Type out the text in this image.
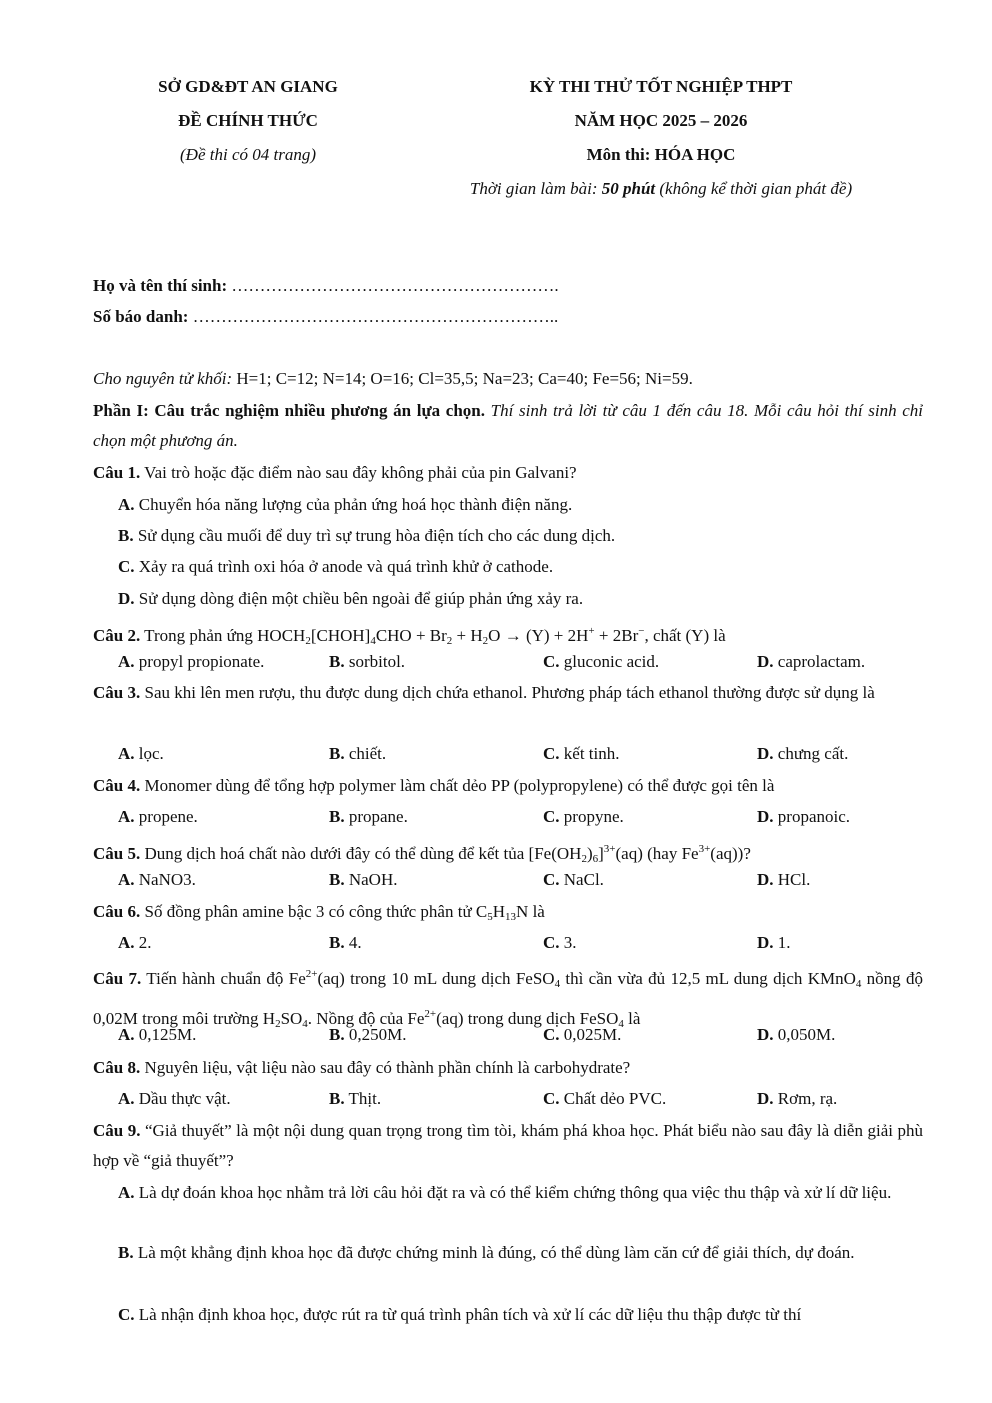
SỞ GD&ĐT AN GIANG
ĐỀ CHÍNH THỨC
(Đề thi có 04 trang)
KỲ THI THỬ TỐT NGHIỆP THPT
NĂM HỌC 2025 – 2026
Môn thi: HÓA HỌC
Thời gian làm bài: 50 phút (không kể thời gian phát đề)
Họ và tên thí sinh: ………………………………………………….
Số báo danh: ………………………………………………………..
Cho nguyên tử khối: H=1; C=12; N=14; O=16; Cl=35,5; Na=23; Ca=40; Fe=56; Ni=59.
Phần I: Câu trắc nghiệm nhiều phương án lựa chọn. Thí sinh trả lời từ câu 1 đến câu 18. Mỗi câu hỏi thí sinh chỉ chọn một phương án.
Câu 1. Vai trò hoặc đặc điểm nào sau đây không phải của pin Galvani?
A. Chuyển hóa năng lượng của phản ứng hoá học thành điện năng.
B. Sử dụng cầu muối để duy trì sự trung hòa điện tích cho các dung dịch.
C. Xảy ra quá trình oxi hóa ở anode và quá trình khử ở cathode.
D. Sử dụng dòng điện một chiều bên ngoài để giúp phản ứng xảy ra.
Câu 2. Trong phản ứng $HOCH_2[CHOH]_4CHO + Br_2 + H_2O \to (Y) + 2H^+ + 2Br^-$, chất (Y) là
A. propyl propionate.	B. sorbitol.	C. gluconic acid.	D. caprolactam.
Câu 3. Sau khi lên men rượu, thu được dung dịch chứa ethanol. Phương pháp tách ethanol thường được sử dụng là
A. lọc.	B. chiết.	C. kết tinh.	D. chưng cất.
Câu 4. Monomer dùng để tổng hợp polymer làm chất dẻo PP (polypropylene) có thể được gọi tên là
A. propene.	B. propane.	C. propyne.	D. propanoic.
Câu 5. Dung dịch hoá chất nào dưới đây có thể dùng để kết tủa $[Fe(OH_2)_6]^{3+}(aq)$ (hay $Fe^{3+}(aq)$)?
A. NaNO3.	B. NaOH.	C. NaCl.	D. HCl.
Câu 6. Số đồng phân amine bậc 3 có công thức phân tử $C_5H_{13}N$ là
A. 2.	B. 4.	C. 3.	D. 1.
Câu 7. Tiến hành chuẩn độ $Fe^{2+}(aq)$ trong 10 mL dung dịch FeSO$_4$ thì cần vừa đủ 12,5 mL dung dịch KMnO$_4$ nồng độ 0,02M trong môi trường $H_2SO_4$. Nồng độ của $Fe^{2+}(aq)$ trong dung dịch FeSO$_4$ là
A. 0,125M.	B. 0,250M.	C. 0,025M.	D. 0,050M.
Câu 8. Nguyên liệu, vật liệu nào sau đây có thành phần chính là carbohydrate?
A. Dầu thực vật.	B. Thịt.	C. Chất dẻo PVC.	D. Rơm, rạ.
Câu 9. “Giả thuyết” là một nội dung quan trọng trong tìm tòi, khám phá khoa học. Phát biểu nào sau đây là diễn giải phù hợp về “giả thuyết”?
A. Là dự đoán khoa học nhằm trả lời câu hỏi đặt ra và có thể kiểm chứng thông qua việc thu thập và xử lí dữ liệu.
B. Là một khẳng định khoa học đã được chứng minh là đúng, có thể dùng làm căn cứ để giải thích, dự đoán.
C. Là nhận định khoa học, được rút ra từ quá trình phân tích và xử lí các dữ liệu thu thập được từ thí
